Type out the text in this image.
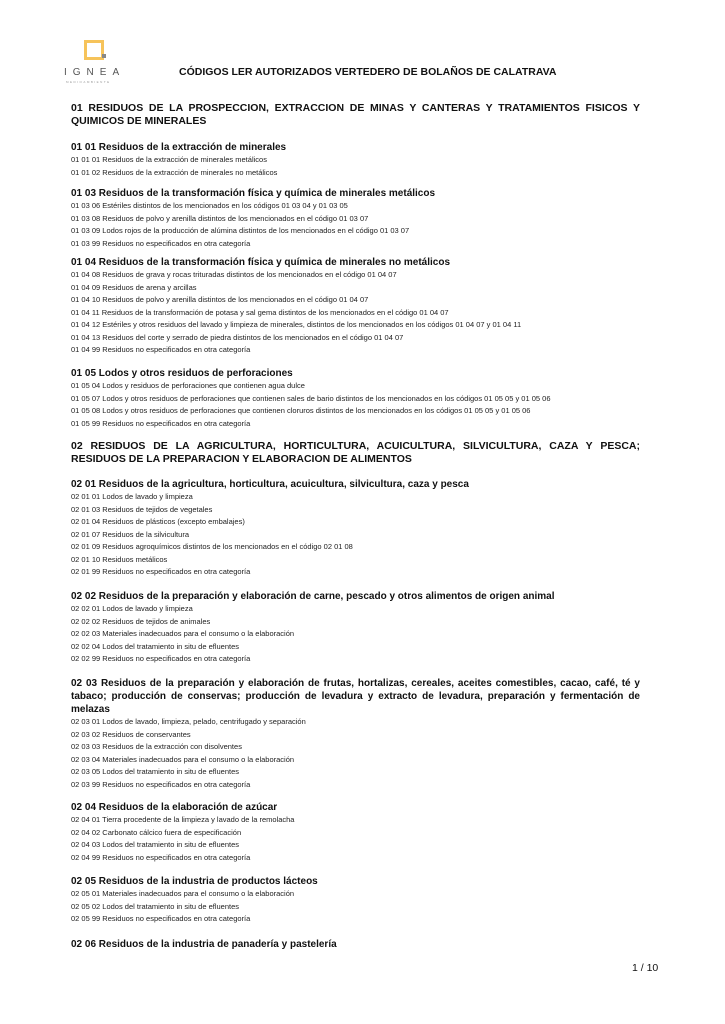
IGNEA
MEDIOAMBIENTE
CÓDIGOS LER AUTORIZADOS VERTEDERO DE BOLAÑOS DE CALATRAVA
01 RESIDUOS DE LA PROSPECCION, EXTRACCION DE MINAS Y CANTERAS Y TRATAMIENTOS FISICOS Y QUIMICOS DE MINERALES
01 01 Residuos de la extracción de minerales
01 01 01 Residuos de la extracción de minerales metálicos
01 01 02 Residuos de la extracción de minerales no metálicos
01 03 Residuos de la transformación física y química de minerales metálicos
01 03 06 Estériles distintos de los mencionados en los códigos 01 03 04 y 01 03 05
01 03 08 Residuos de polvo y arenilla distintos de los mencionados en el código 01 03 07
01 03 09 Lodos rojos de la producción de alúmina distintos de los mencionados en el código 01 03 07
01 03 99 Residuos no especificados en otra categoría
01 04 Residuos de la transformación física y química de minerales no metálicos
01 04 08 Residuos de grava y rocas trituradas distintos de los mencionados en el código 01 04 07
01 04 09 Residuos de arena y arcillas
01 04 10 Residuos de polvo y arenilla distintos de los mencionados en el código 01 04 07
01 04 11 Residuos de la transformación de potasa y sal gema distintos de los mencionados en el código 01 04 07
01 04 12 Estériles y otros residuos del lavado y limpieza de minerales, distintos de los mencionados en los códigos 01 04 07 y 01 04 11
01 04 13 Residuos del corte y serrado de piedra distintos de los mencionados en el código 01 04 07
01 04 99 Residuos no especificados en otra categoría
01 05 Lodos y otros residuos de perforaciones
01 05 04 Lodos y residuos de perforaciones que contienen agua dulce
01 05 07 Lodos y otros residuos de perforaciones que contienen sales de bario distintos de los mencionados en los códigos 01 05 05 y 01 05 06
01 05 08 Lodos y otros residuos de perforaciones que contienen cloruros distintos de los mencionados en los códigos 01 05 05 y 01 05 06
01 05 99 Residuos no especificados en otra categoría
02 RESIDUOS DE LA AGRICULTURA, HORTICULTURA, ACUICULTURA, SILVICULTURA, CAZA Y PESCA; RESIDUOS DE LA PREPARACION Y ELABORACION DE ALIMENTOS
02 01 Residuos de la agricultura, horticultura, acuicultura, silvicultura, caza y pesca
02 01 01 Lodos de lavado y limpieza
02 01 03 Residuos de tejidos de vegetales
02 01 04 Residuos de plásticos (excepto embalajes)
02 01 07 Residuos de la silvicultura
02 01 09 Residuos agroquímicos distintos de los mencionados en el código 02 01 08
02 01 10 Residuos metálicos
02 01 99 Residuos no especificados en otra categoría
02 02 Residuos de la preparación y elaboración de carne, pescado y otros alimentos de origen animal
02 02 01 Lodos de lavado y limpieza
02 02 02 Residuos de tejidos de animales
02 02 03 Materiales inadecuados para el consumo o la elaboración
02 02 04 Lodos del tratamiento in situ de efluentes
02 02 99 Residuos no especificados en otra categoría
02 03 Residuos de la preparación y elaboración de frutas, hortalizas, cereales, aceites comestibles, cacao, café, té y tabaco; producción de conservas; producción de levadura y extracto de levadura, preparación y fermentación de melazas
02 03 01 Lodos de lavado, limpieza, pelado, centrifugado y separación
02 03 02 Residuos de conservantes
02 03 03 Residuos de la extracción con disolventes
02 03 04 Materiales inadecuados para el consumo o la elaboración
02 03 05 Lodos del tratamiento in situ de efluentes
02 03 99 Residuos no especificados en otra categoría
02 04 Residuos de la elaboración de azúcar
02 04 01 Tierra procedente de la limpieza y lavado de la remolacha
02 04 02 Carbonato cálcico fuera de especificación
02 04 03 Lodos del tratamiento in situ de efluentes
02 04 99 Residuos no especificados en otra categoría
02 05 Residuos de la industria de productos lácteos
02 05 01 Materiales inadecuados para el consumo o la elaboración
02 05 02 Lodos del tratamiento in situ de efluentes
02 05 99 Residuos no especificados en otra categoría
02 06 Residuos de la industria de panadería y pastelería
1 / 10
